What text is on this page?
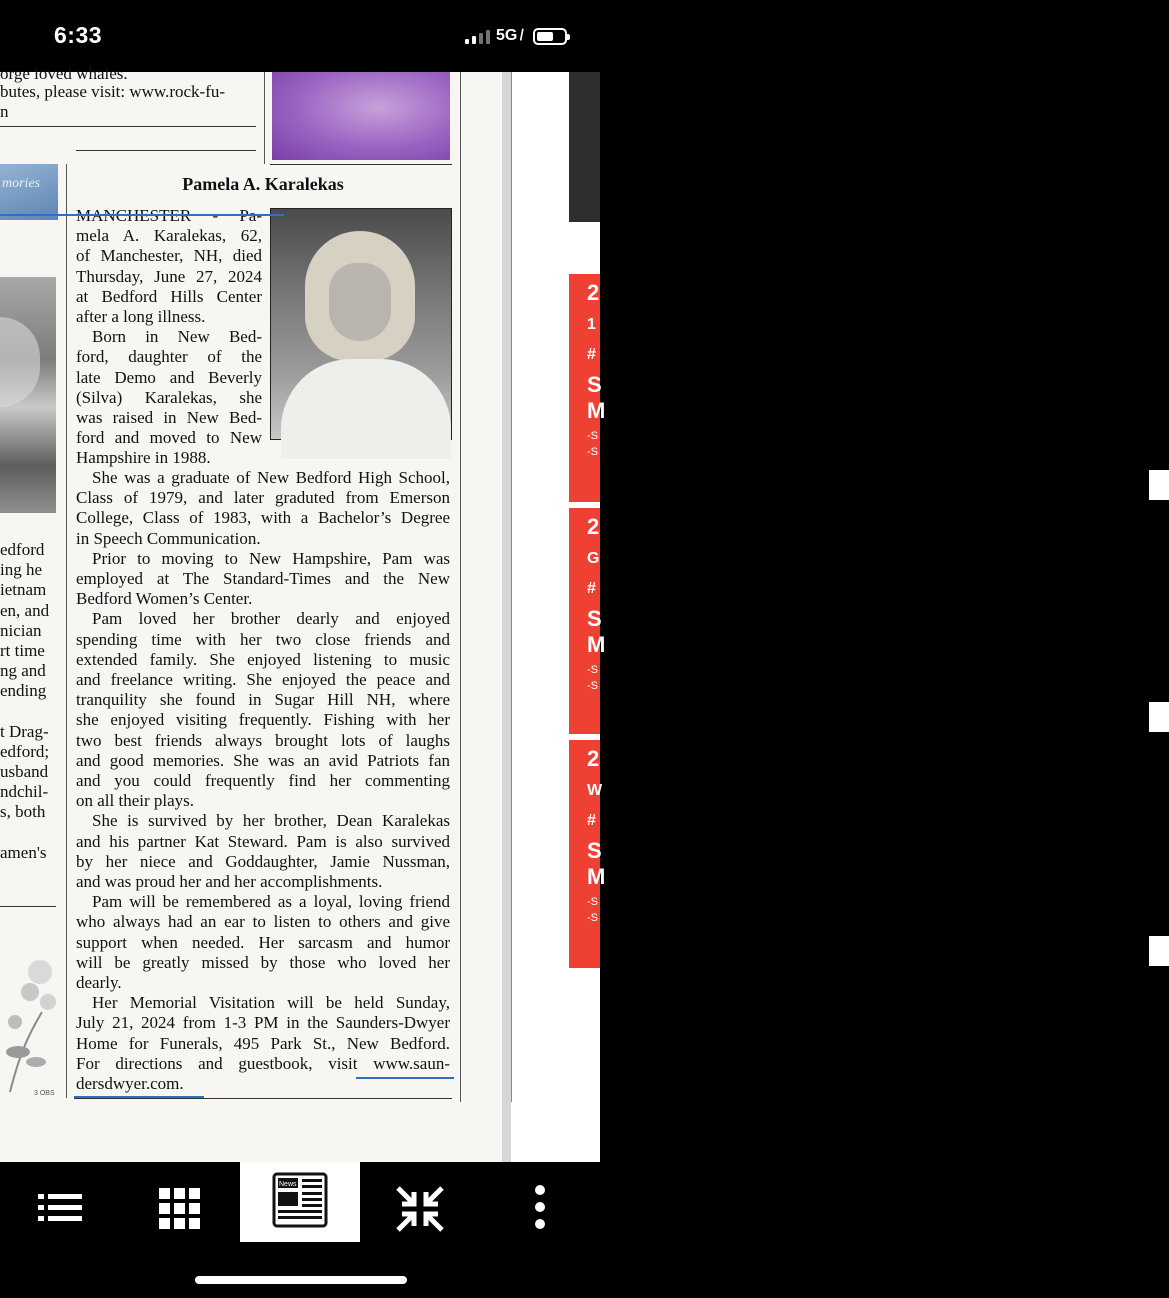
6:33	5G ̸
orge loved whales.
butes, please visit: www.rock-fu-
n
mories
edford
ing he
ietnam
en, and
nician
rt time
ng and
ending
t Drag-
edford;
usband
ndchil-
s, both
amen's
3 OBS
Pamela A. Karalekas
mela A. Karalekas, 62,
of Manchester, NH, died
Thursday, June 27, 2024
at Bedford Hills Center
after a long illness.
Born in New Bed-
ford, daughter of the
late Demo and Beverly
(Silva) Karalekas, she
was raised in New Bed-
ford and moved to New
Hampshire in 1988.
She was a graduate of New Bedford High School,
Class of 1979, and later graduted from Emerson
College, Class of 1983, with a Bachelor’s Degree
in Speech Communication.
Prior to moving to New Hampshire, Pam was
employed at The Standard-Times and the New
Bedford Women’s Center.
Pam loved her brother dearly and enjoyed
spending time with her two close friends and
extended family. She enjoyed listening to music
and freelance writing. She enjoyed the peace and
tranquility she found in Sugar Hill NH, where
she enjoyed visiting frequently. Fishing with her
two best friends always brought lots of laughs
and good memories. She was an avid Patriots fan
and you could frequently find her commenting
on all their plays.
She is survived by her brother, Dean Karalekas
and his partner Kat Steward. Pam is also survived
by her niece and Goddaughter, Jamie Nussman,
and was proud her and her accomplishments.
Pam will be remembered as a loyal, loving friend
who always had an ear to listen to others and give
support when needed. Her sarcasm and humor
will be greatly missed by those who loved her
dearly.
Her Memorial Visitation will be held Sunday,
July 21, 2024 from 1-3 PM in the Saunders-Dwyer
Home for Funerals, 495 Park St., New Bedford.
For directions and guestbook, visit www.saun-
dersdwyer.com.
2
1
#
S
M
-S
-S
S
2
G
#
S
M
-S
-S
S
2
W
#
S
M
-S
-S
S
News
